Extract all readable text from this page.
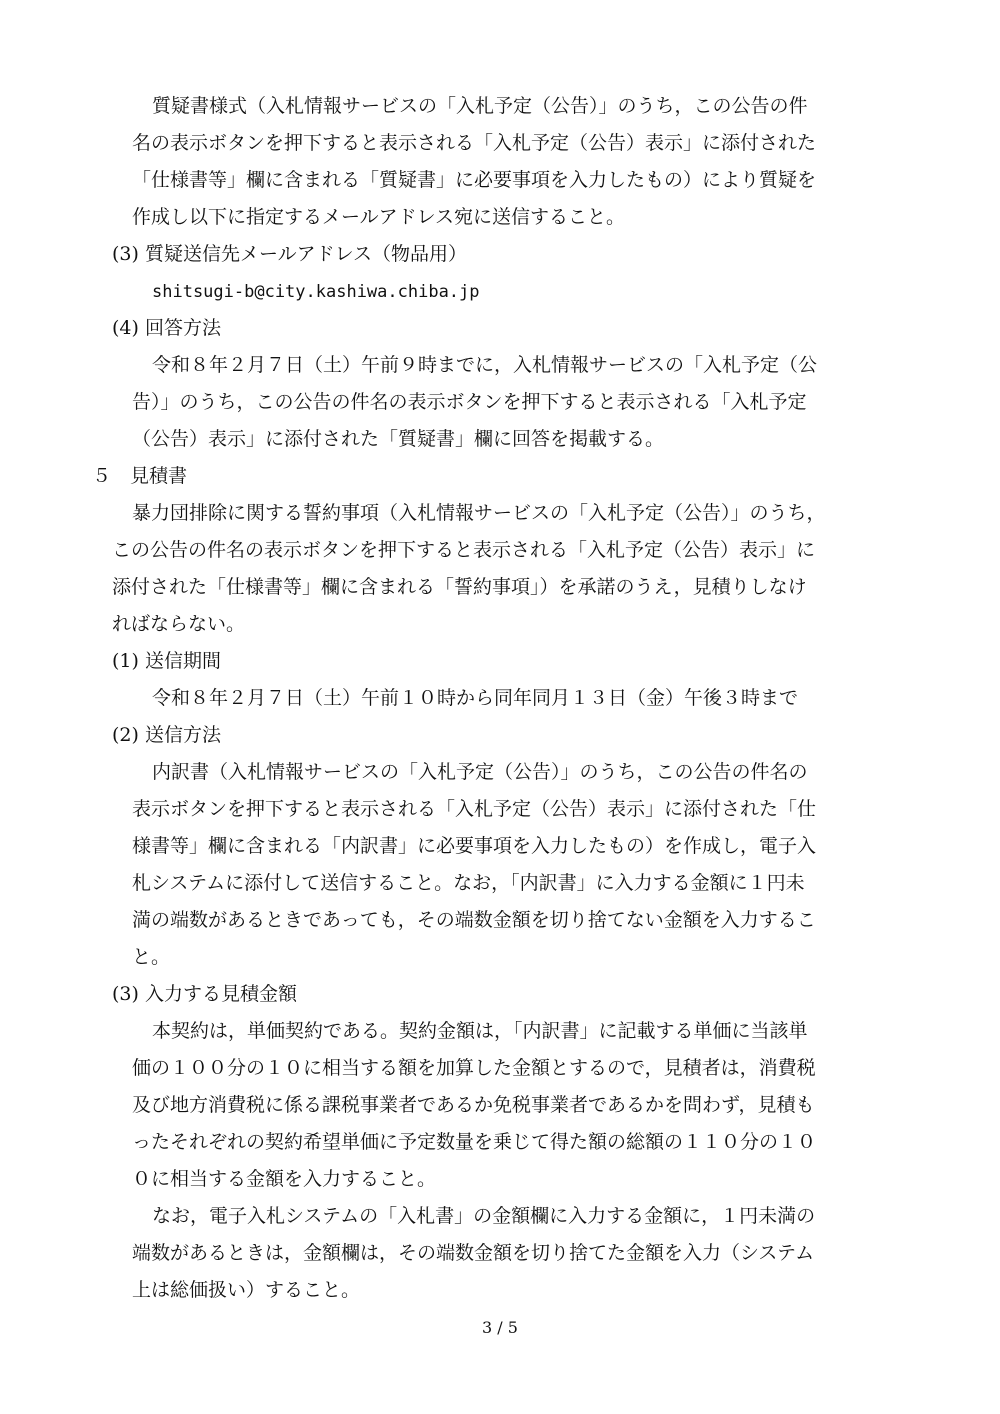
質疑書様式（入札情報サービスの「入札予定（公告）」のうち，この公告の件
名の表示ボタンを押下すると表示される「入札予定（公告）表示」に添付された
「仕様書等」欄に含まれる「質疑書」に必要事項を入力したもの）により質疑を
作成し以下に指定するメールアドレス宛に送信すること。
(3) 質疑送信先メールアドレス（物品用）
shitsugi-b@city.kashiwa.chiba.jp
(4) 回答方法
令和８年２月７日（土）午前９時までに，入札情報サービスの「入札予定（公
告）」のうち，この公告の件名の表示ボタンを押下すると表示される「入札予定
（公告）表示」に添付された「質疑書」欄に回答を掲載する。
５　見積書
暴力団排除に関する誓約事項（入札情報サービスの「入札予定（公告）」のうち，
この公告の件名の表示ボタンを押下すると表示される「入札予定（公告）表示」に
添付された「仕様書等」欄に含まれる「誓約事項」）を承諾のうえ，見積りしなけ
ればならない。
(1) 送信期間
令和８年２月７日（土）午前１０時から同年同月１３日（金）午後３時まで
(2) 送信方法
内訳書（入札情報サービスの「入札予定（公告）」のうち，この公告の件名の
表示ボタンを押下すると表示される「入札予定（公告）表示」に添付された「仕
様書等」欄に含まれる「内訳書」に必要事項を入力したもの）を作成し，電子入
札システムに添付して送信すること。なお，「内訳書」に入力する金額に１円未
満の端数があるときであっても，その端数金額を切り捨てない金額を入力するこ
と。
(3) 入力する見積金額
本契約は，単価契約である。契約金額は，「内訳書」に記載する単価に当該単
価の１００分の１０に相当する額を加算した金額とするので，見積者は，消費税
及び地方消費税に係る課税事業者であるか免税事業者であるかを問わず，見積も
ったそれぞれの契約希望単価に予定数量を乗じて得た額の総額の１１０分の１０
０に相当する金額を入力すること。
なお，電子入札システムの「入札書」の金額欄に入力する金額に，１円未満の
端数があるときは，金額欄は，その端数金額を切り捨てた金額を入力（システム
上は総価扱い）すること。
3 / 5
